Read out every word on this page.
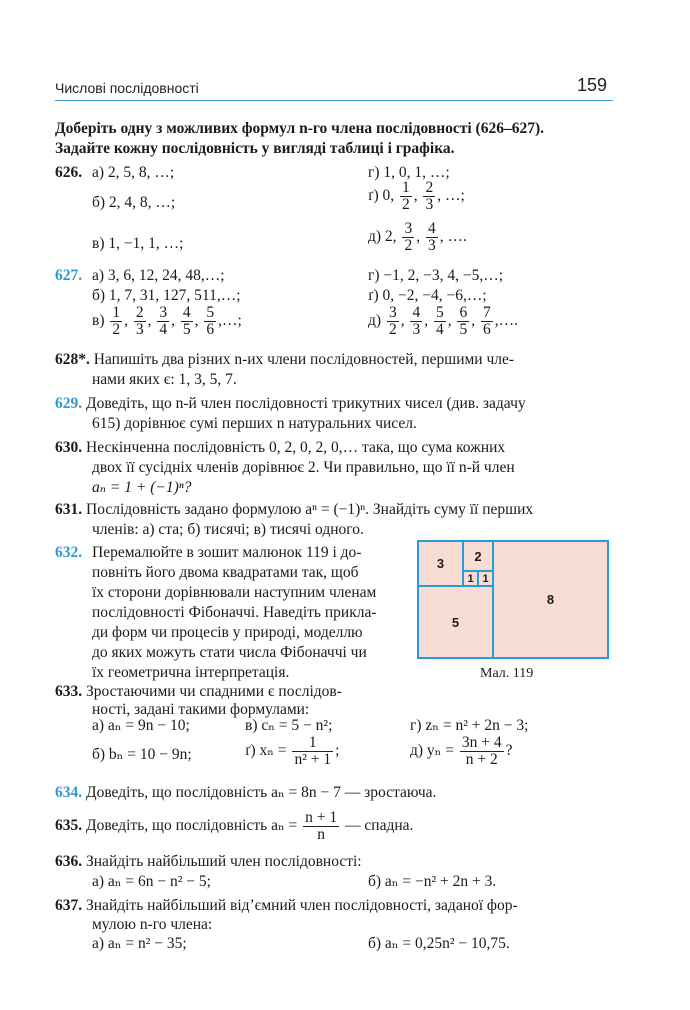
Числові послідовності	159
Доберіть одну з можливих формул n-го члена послідовності (626–627).
Задайте кожну послідовність у вигляді таблиці і графіка.
626. а) 2, 5, 8, …;	г) 1, 0, 1, …;
б) 2, 4, 8, …;	ґ) 0, $\frac{1}{2}$ , $\frac{2}{3}$ , …;
в) 1, −1, 1, …;	д) 2, $\frac{3}{2}$ , $\frac{4}{3}$ , ….
627. а) 3, 6, 12, 24, 48,…;	г) −1, 2, −3, 4, −5,…;
б) 1, 7, 31, 127, 511,…;	ґ) 0, −2, −4, −6,…;
$в) \frac{1}{2}$ , $\frac{2}{3}$ , $\frac{3}{4}$ , $\frac{4}{5}$ , $\frac{5}{6}$ ,…;	$д) \frac{3}{2}$ , $\frac{4}{3}$ , $\frac{5}{4}$ , $\frac{6}{5}$ , $\frac{7}{6}$ ,….
628*. Напишіть два різних n-их члени послідовностей, першими чле-
нами яких є: 1, 3, 5, 7.
629. Доведіть, що n-й член послідовності трикутних чисел (див. задачу
615) дорівнює сумі перших n натуральних чисел.
630. Нескінченна послідовність 0, 2, 0, 2, 0,… така, що сума кожних
двох її сусідніх членів дорівнює 2. Чи правильно, що її n-й член
aₙ = 1 + (−1)ⁿ?
631. Послідовність задано формулою aⁿ = (−1)ⁿ. Знайдіть суму її перших
членів: а) ста; б) тисячі; в) тисячі одного.
632. Перемалюйте в зошит малюнок 119 і до-
повніть його двома квадратами так, щоб
їх сторони дорівнювали наступним членам
послідовності Фібоначчі. Наведіть прикла-
ди форм чи процесів у природі, моделлю
до яких можуть стати числа Фібоначчі чи
їх геометрична інтерпретація.
3	2
1 1
5
8
Мал. 119
633. Зростаючими чи спадними є послідов-
ності, задані такими формулами:
а) aₙ = 9n − 10;	в) cₙ = 5 − n²;	г) zₙ = n² + 2n − 3;
б) bₙ = 10 − 9n;	ґ) $x_n = \frac{1}{\text{n² + 1}}$ ;	д) $y_n = \frac{3n + 4}{n + 2}$ ?
634. Доведіть, що послідовність aₙ = 8n − 7 — зростаюча.
635. Доведіть, що послідовність $a_n = \frac{n + 1}{n}$ — спадна.
636. Знайдіть найбільший член послідовності:
а) aₙ = 6n − n² − 5;	б) aₙ = −n² + 2n + 3.
637. Знайдіть найбільший від’ємний член послідовності, заданої фор-
мулою n-го члена:
а) aₙ = n² − 35;	б) aₙ = 0,25n² − 10,75.
